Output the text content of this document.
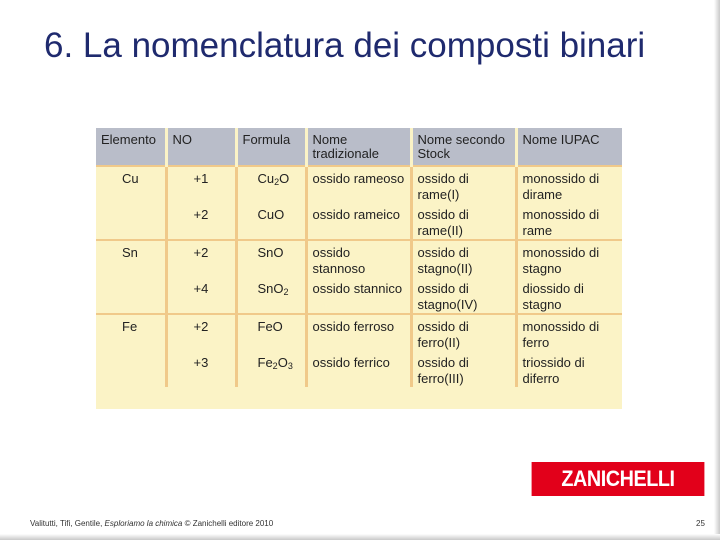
6. La nomenclatura dei composti binari
Elemento	NO	Formula	Nome tradizionale	Nome secondo Stock	Nome IUPAC
Cu	+1	$Cu_2O$	ossido rameoso	ossido di rame(I)	monossido di dirame
	+2	CuO	ossido rameico	ossido di rame(II)	monossido di rame
Sn	+2	SnO	ossido stannoso	ossido di stagno(II)	monossido di stagno
	+4	SnO$_2$	ossido stannico	ossido di stagno(IV)	diossido di stagno
Fe	+2	FeO	ossido ferroso	ossido di ferro(II)	monossido di ferro
	+3	$Fe_2O_3$	ossido ferrico	ossido di ferro(III)	triossido di diferro
ZANICHELLI
Valitutti, Tifi, Gentile, Esploriamo la chimica © Zanichelli editore 2010	25
